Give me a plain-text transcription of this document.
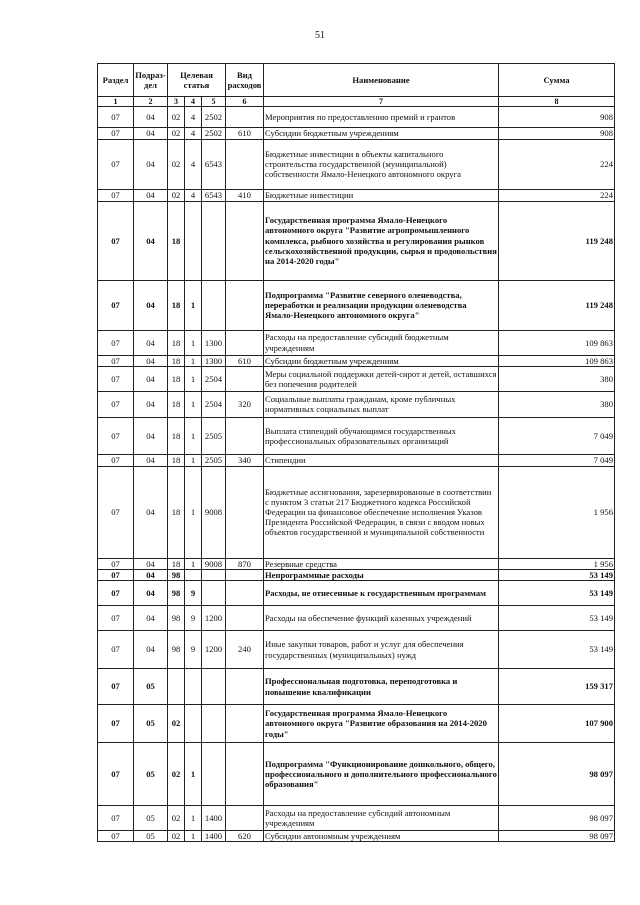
51
Раздел	Подраз-дел	Целевая статья			Вид расходов	Наименование	Сумма
1	2	3	4	5	6	7	8
07	04	02	4	2502		Мероприятия по предоставлению премий и грантов	908
07	04	02	4	2502	610	Субсидии бюджетным учреждениям	908
07	04	02	4	6543		Бюджетные инвестиции в объекты капитального строительства государственной (муниципальной) собственности Ямало-Ненецкого автономного округа	224
07	04	02	4	6543	410	Бюджетные инвестиции	224
07	04	18				Государственная программа Ямало-Ненецкого автономного округа "Развитие агропромышленного комплекса, рыбного хозяйства и регулирования рынков сельскохозяйственной продукции, сырья и продовольствия на 2014-2020 годы"	119 248
07	04	18	1			Подпрограмма "Развитие северного оленеводства, переработки и реализации продукции оленеводства Ямало-Ненецкого автономного округа"	119 248
07	04	18	1	1300		Расходы на предоставление субсидий бюджетным учреждениям	109 863
07	04	18	1	1300	610	Субсидии бюджетным учреждениям	109 863
07	04	18	1	2504		Меры социальной поддержки детей-сирот и детей, оставшихся без попечения родителей	380
07	04	18	1	2504	320	Социальные выплаты гражданам, кроме публичных нормативных социальных выплат	380
07	04	18	1	2505		Выплата стипендий обучающимся государственных профессиональных образовательных организаций	7 049
07	04	18	1	2505	340	Стипендии	7 049
07	04	18	1	9008		Бюджетные ассигнования, зарезервированные в соответствии с пунктом 3 статьи 217 Бюджетного кодекса Российской Федерации на финансовое обеспечение исполнения Указов Президента Российской Федерации, в связи с вводом новых объектов государственной и муниципальной собственности	1 956
07	04	18	1	9008	870	Резервные средства	1 956
07	04	98				Непрограммные расходы	53 149
07	04	98	9			Расходы, не отнесенные к государственным программам	53 149
07	04	98	9	1200		Расходы на обеспечение функций казенных учреждений	53 149
07	04	98	9	1200	240	Иные закупки товаров, работ и услуг для обеспечения государственных (муниципальных) нужд	53 149
07	05					Профессиональная подготовка, переподготовка и повышение квалификации	159 317
07	05	02				Государственная программа Ямало-Ненецкого автономного округа "Развитие образования на 2014-2020 годы"	107 900
07	05	02	1			Подпрограмма "Функционирование дошкольного, общего, профессионального и дополнительного профессионального образования"	98 097
07	05	02	1	1400		Расходы на предоставление субсидий автономным учреждениям	98 097
07	05	02	1	1400	620	Субсидии автономным учреждениям	98 097
